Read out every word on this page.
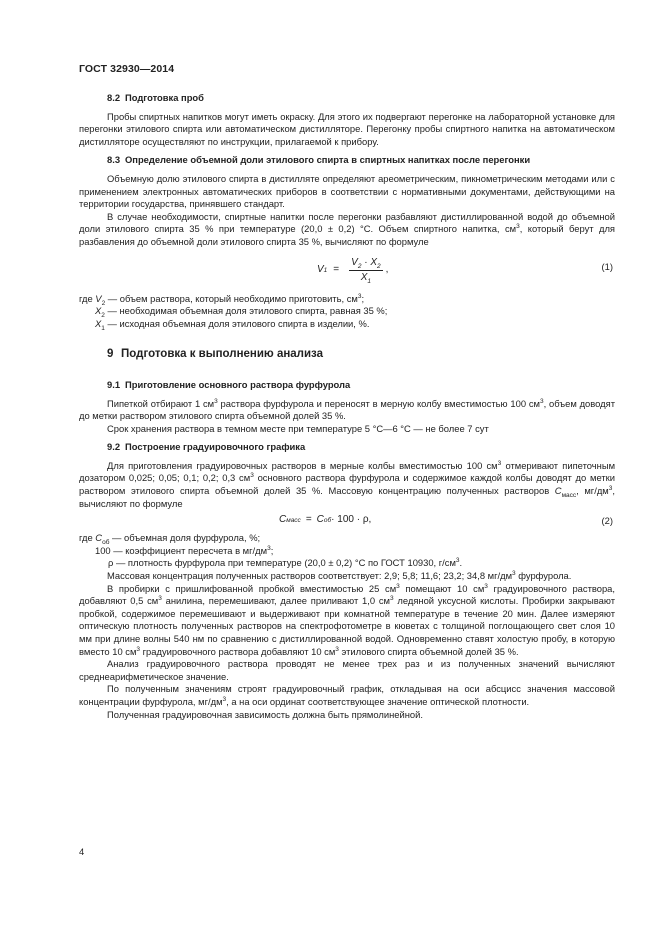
ГОСТ 32930—2014
8.2 Подготовка проб

Пробы спиртных напитков могут иметь окраску. Для этого их подвергают перегонке на лабораторной установке для перегонки этилового спирта или автоматическом дистилляторе. Перегонку пробы спиртного напитка на автоматическом дистилляторе осуществляют по инструкции, прилагаемой к прибору.

8.3 Определение объемной доли этилового спирта в спиртных напитках после перегонки

Объемную долю этилового спирта в дистилляте определяют ареометрическим, пикнометрическим методами или с применением электронных автоматических приборов в соответствии с нормативными документами, действующими на территории государства, принявшего стандарт.

В случае необходимости, спиртные напитки после перегонки разбавляют дистиллированной водой до объемной доли этилового спирта 35 % при температуре (20,0 ± 0,2) °С. Объем спиртного напитка, $см^3$, который берут для разбавления до объемной доли этилового спирта 35 %, вычисляют по формуле

V $1 = \frac{V_2 \cdot X_2}{X_1}$ ,	(1)

где $V_2$ — объем раствора, который необходимо приготовить, $см^3$;

$X_2$ — необходимая объемная доля этилового спирта, равная 35 %;

$X_1$ — исходная объемная доля этилового спирта в изделии, %.

9 Подготовка к выполнению анализа
9.1 Приготовление основного раствора фурфурола

Пипеткой отбирают 1 $см^3$ раствора фурфурола и переносят в мерную колбу вместимостью 100 $см^3$, объем доводят до метки раствором этилового спирта объемной долей 35 %.

Срок хранения раствора в темном месте при температуре 5 °С—6 °С — не более 7 сут

9.2 Построение градуировочного графика

Для приготовления градуировочных растворов в мерные колбы вместимостью 100 $см^3$ отмеривают пипеточным дозатором 0,025; 0,05; 0,1; 0,2; 0,3 $см^3$ основного раствора фурфурола и содержимое каждой колбы доводят до метки раствором этилового спирта объемной долей 35 %. Массовую концентрацию полученных растворов $С_{масс}$, $мг/дм^3$, вычисляют по формуле

С масс = С об · 100 · ρ,	(2)

где $С_{об}$ — объемная доля фурфурола, %;

100 — коэффициент пересчета в $мг/дм^3$;

ρ — плотность фурфурола при температуре (20,0 ± 0,2) °С по ГОСТ 10930, $г/см^3$.

Массовая концентрация полученных растворов соответствует: 2,9; 5,8; 11,6; 23,2; 34,8 $мг/дм^3$ фурфурола.

В пробирки с пришлифованной пробкой вместимостью 25 $см^3$ помещают 10 $см^3$ градуировочного раствора, добавляют 0,5 $см^3$ анилина, перемешивают, далее приливают 1,0 $см^3$ ледяной уксусной кислоты. Пробирки закрывают пробкой, содержимое перемешивают и выдерживают при комнатной температуре в течение 20 мин. Далее измеряют оптическую плотность полученных растворов на спектрофотометре в кюветах с толщиной поглощающего свет слоя 10 мм при длине волны 540 нм по сравнению с дистиллированной водой. Одновременно ставят холостую пробу, в которую вместо 10 $см^3$ градуировочного раствора добавляют 10 $см^3$ этилового спирта объемной долей 35 %.

Анализ градуировочного раствора проводят не менее трех раз и из полученных значений вычисляют среднеарифметическое значение.

По полученным значениям строят градуировочный график, откладывая на оси абсцисс значения массовой концентрации фурфурола, $мг/дм^3$, а на оси ординат соответствующее значение оптической плотности.

Полученная градуировочная зависимость должна быть прямолинейной.

4
